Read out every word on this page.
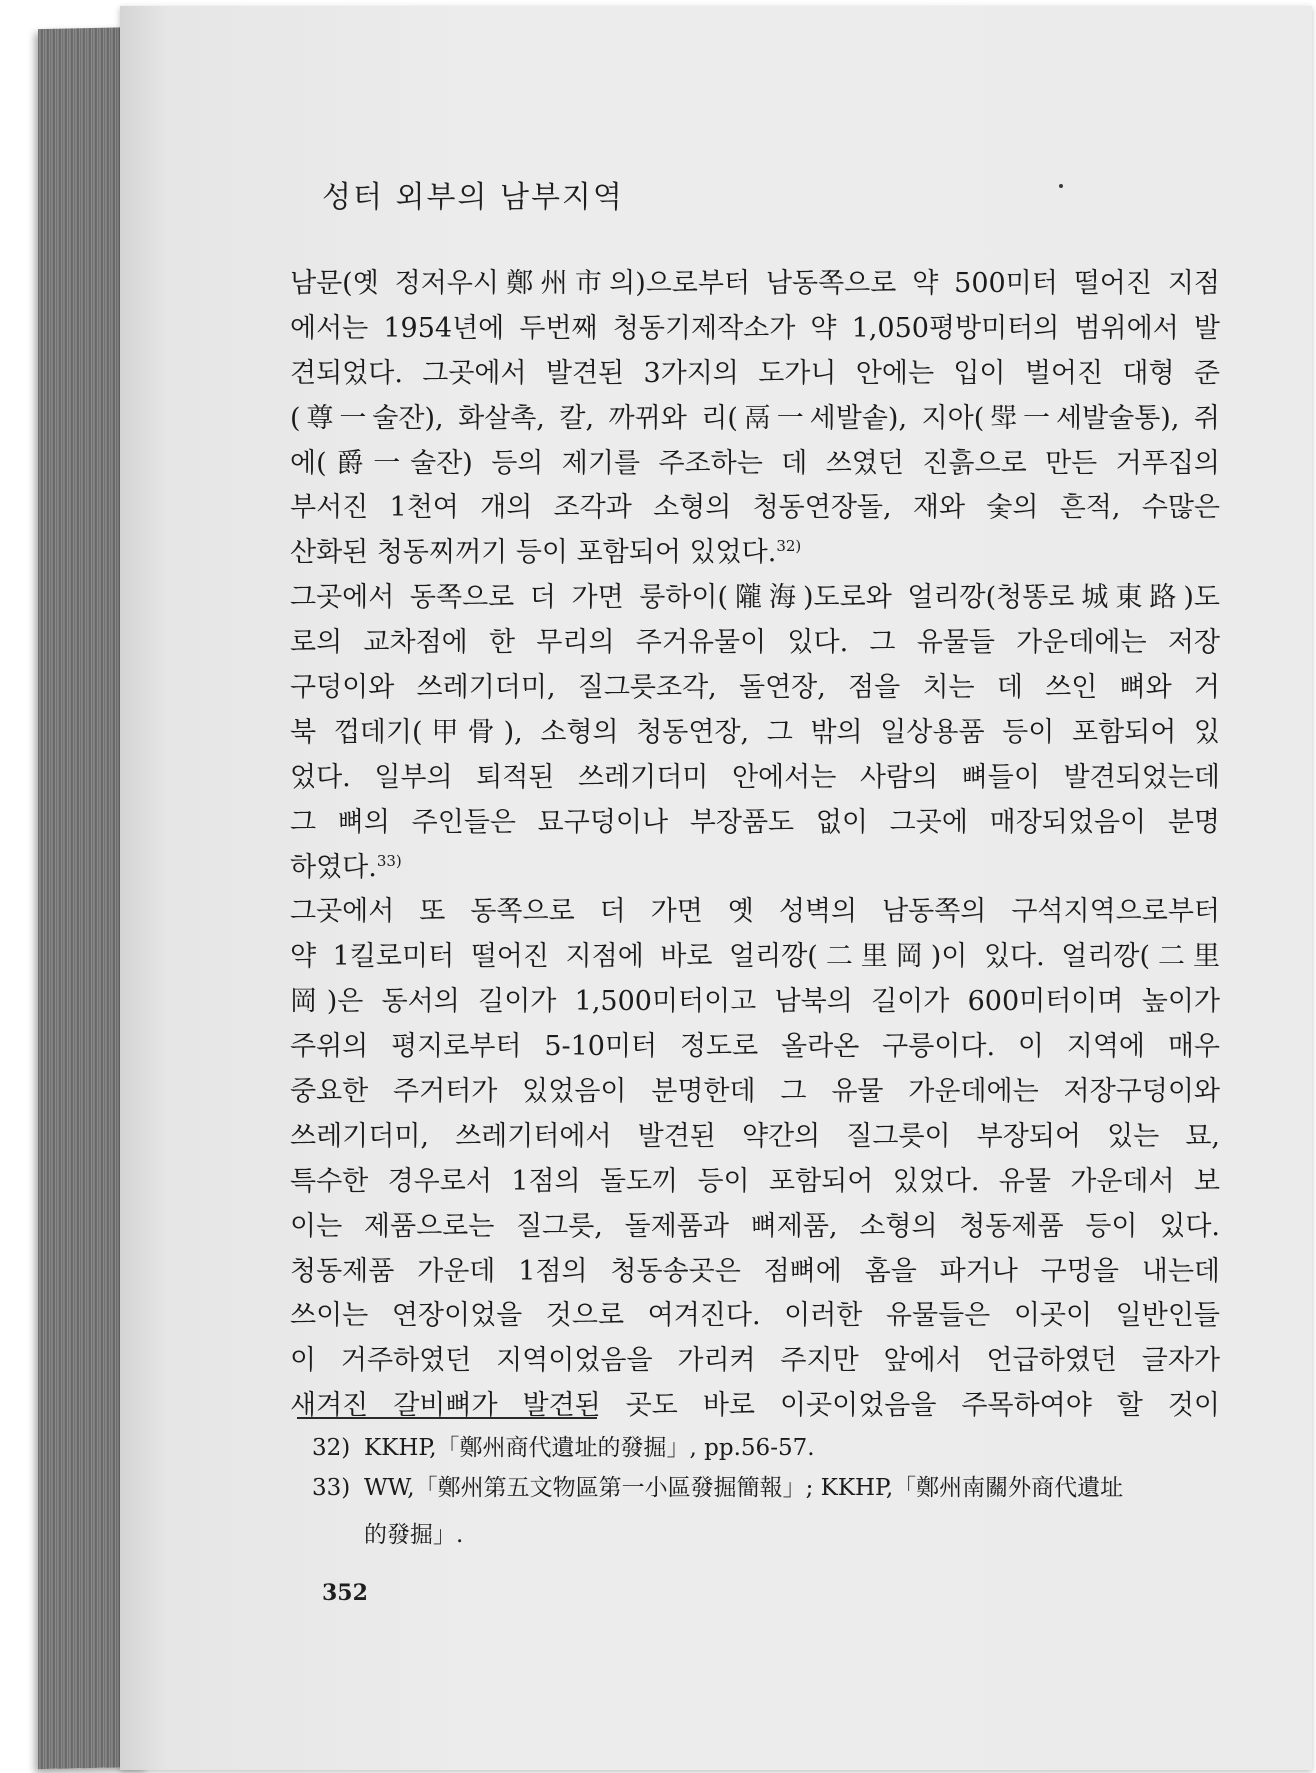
성터 외부의 남부지역
남문(옛 정저우시鄭州市의)으로부터 남동쪽으로 약 500미터 떨어진 지점
에서는 1954년에 두번째 청동기제작소가 약 1,050평방미터의 범위에서 발
견되었다. 그곳에서 발견된 3가지의 도가니 안에는 입이 벌어진 대형 준
(尊一술잔), 화살촉, 칼, 까뀌와 리(鬲一세발솥), 지아(斝一세발술통), 쥐
에(爵一술잔) 등의 제기를 주조하는 데 쓰였던 진흙으로 만든 거푸집의
부서진 1천여 개의 조각과 소형의 청동연장돌, 재와 숯의 흔적, 수많은
산화된 청동찌꺼기 등이 포함되어 있었다.$^{32)}$
그곳에서 동쪽으로 더 가면 룽하이(隴海)도로와 얼리깡(청똥로城東路)도
로의 교차점에 한 무리의 주거유물이 있다. 그 유물들 가운데에는 저장
구덩이와 쓰레기더미, 질그릇조각, 돌연장, 점을 치는 데 쓰인 뼈와 거
북 껍데기(甲骨), 소형의 청동연장, 그 밖의 일상용품 등이 포함되어 있
었다. 일부의 퇴적된 쓰레기더미 안에서는 사람의 뼈들이 발견되었는데
그 뼈의 주인들은 묘구덩이나 부장품도 없이 그곳에 매장되었음이 분명
하였다.$^{33)}$
그곳에서 또 동쪽으로 더 가면 옛 성벽의 남동쪽의 구석지역으로부터
약 1킬로미터 떨어진 지점에 바로 얼리깡(二里岡)이 있다. 얼리깡(二里
岡)은 동서의 길이가 1,500미터이고 남북의 길이가 600미터이며 높이가
주위의 평지로부터 5-10미터 정도로 올라온 구릉이다. 이 지역에 매우
중요한 주거터가 있었음이 분명한데 그 유물 가운데에는 저장구덩이와
쓰레기더미, 쓰레기터에서 발견된 약간의 질그릇이 부장되어 있는 묘,
특수한 경우로서 1점의 돌도끼 등이 포함되어 있었다. 유물 가운데서 보
이는 제품으로는 질그릇, 돌제품과 뼈제품, 소형의 청동제품 등이 있다.
청동제품 가운데 1점의 청동송곳은 점뼈에 홈을 파거나 구멍을 내는데
쓰이는 연장이었을 것으로 여겨진다. 이러한 유물들은 이곳이 일반인들
이 거주하였던 지역이었음을 가리켜 주지만 앞에서 언급하였던 글자가
새겨진 갈비뼈가 발견된 곳도 바로 이곳이었음을 주목하여야 할 것이
32) KKHP,「鄭州商代遺址的發掘」, pp.56-57.
33) WW,「鄭州第五文物區第一小區發掘簡報」; KKHP,「鄭州南關外商代遺址
的發掘」.
352
